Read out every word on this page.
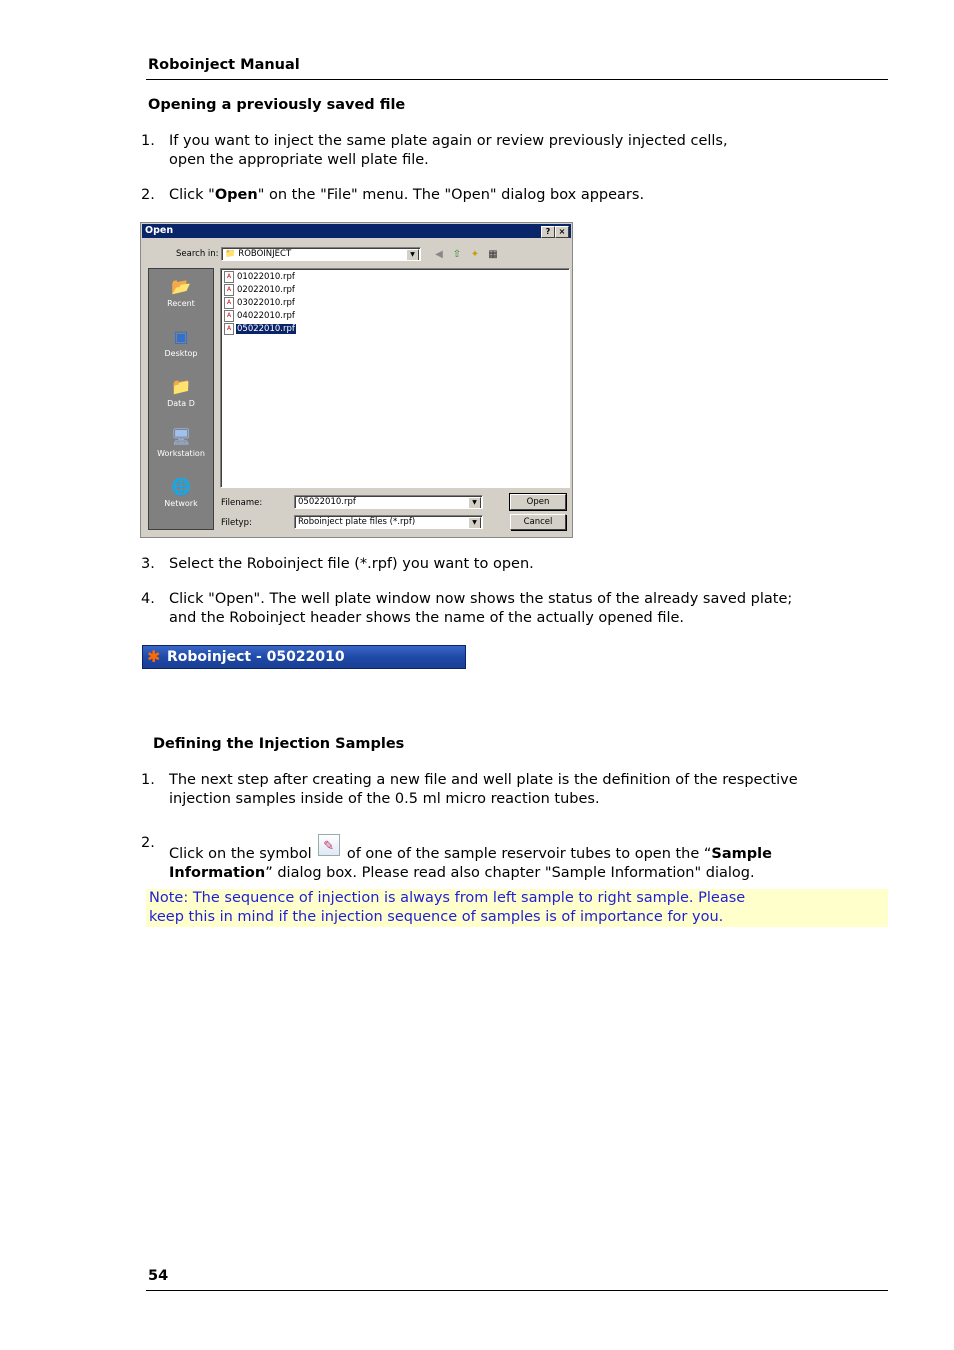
Roboinject Manual
Opening a previously saved file
1. If you want to inject the same plate again or review previously injected cells,
open the appropriate well plate file.
2. Click "Open" on the "File" menu. The "Open" dialog box appears.
Open	?	×
Search in: 📁 ROBOINJECT	▼	◀ ⇧ ✦ ▦
📂
Recent
▣
Desktop
📁
Data D
🖥
Workstation
🌐
Network
A 01022010.rpf
A 02022010.rpf
A 03022010.rpf
A 04022010.rpf
A 05022010.rpf
Filename:	05022010.rpf	▼
Filetyp:	Roboinject plate files (*.rpf)	▼
Open
Cancel
3. Select the Roboinject file (*.rpf) you want to open.
4. Click "Open". The well plate window now shows the status of the already saved plate;
and the Roboinject header shows the name of the actually opened file.
✱ Roboinject - 05022010
Defining the Injection Samples
1. The next step after creating a new file and well plate is the definition of the respective
injection samples inside of the 0.5 ml micro reaction tubes.
2.
Click on the symbol ✎ of one of the sample reservoir tubes to open the “Sample
Information” dialog box. Please read also chapter "Sample Information" dialog.
Note: The sequence of injection is always from left sample to right sample. Please
keep this in mind if the injection sequence of samples is of importance for you.
54
